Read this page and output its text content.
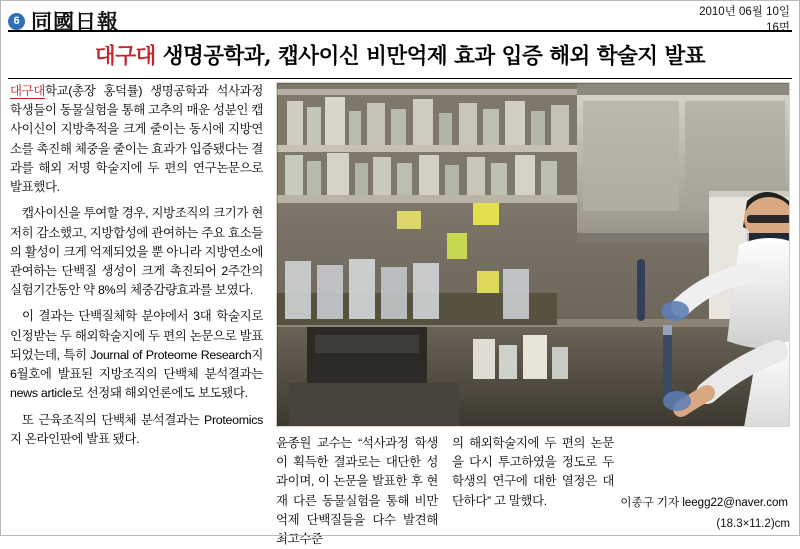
6 同國日報	2010년 06월 10일
16면
대구대 생명공학과, 캡사이신 비만억제 효과 입증 해외 학술지 발표

대구대학교(총장 홍덕률) 생명공학과 석사과정 학생들이 동물실험을 통해 고추의 매운 성분인 캡사이신이 지방축적을 크게 줄이는 동시에 지방연소를 촉진해 체중을 줄이는 효과가 입증됐다는 결과를 해외 저명 학술지에 두 편의 연구논문으로 발표했다.

캡사이신을 투여할 경우, 지방조직의 크기가 현저히 감소했고, 지방합성에 관여하는 주요 효소들의 활성이 크게 억제되었을 뿐 아니라 지방연소에 관여하는 단백질 생성이 크게 촉진되어 2주간의 실험기간동안 약 8%의 체중감량효과를 보였다.

이 결과는 단백질체학 분야에서 3대 학술지로 인정받는 두 해외학술지에 두 편의 논문으로 발표되었는데, 특히 Journal of Proteome Research지 6월호에 발표된 지방조직의 단백체 분석결과는 news article로 선정돼 해외언론에도 보도됐다.

또 근육조직의 단백체 분석결과는 Proteomics지 온라인판에 발표 됐다.	윤종원 교수는 “석사과정 학생이 획득한 결과로는 대단한 성과이며, 이 논문을 발표한 후 현재 다른 동물실험을 통해 비만억제 단백질들을 다수 발견해 최고수준

의 해외학술지에 두 편의 논문을 다시 투고하였을 정도로 두 학생의 연구에 대한 열정은 대단하다” 고 말했다.	이종구 기자 leegg22@naver.com
(18.3×11.2)cm
